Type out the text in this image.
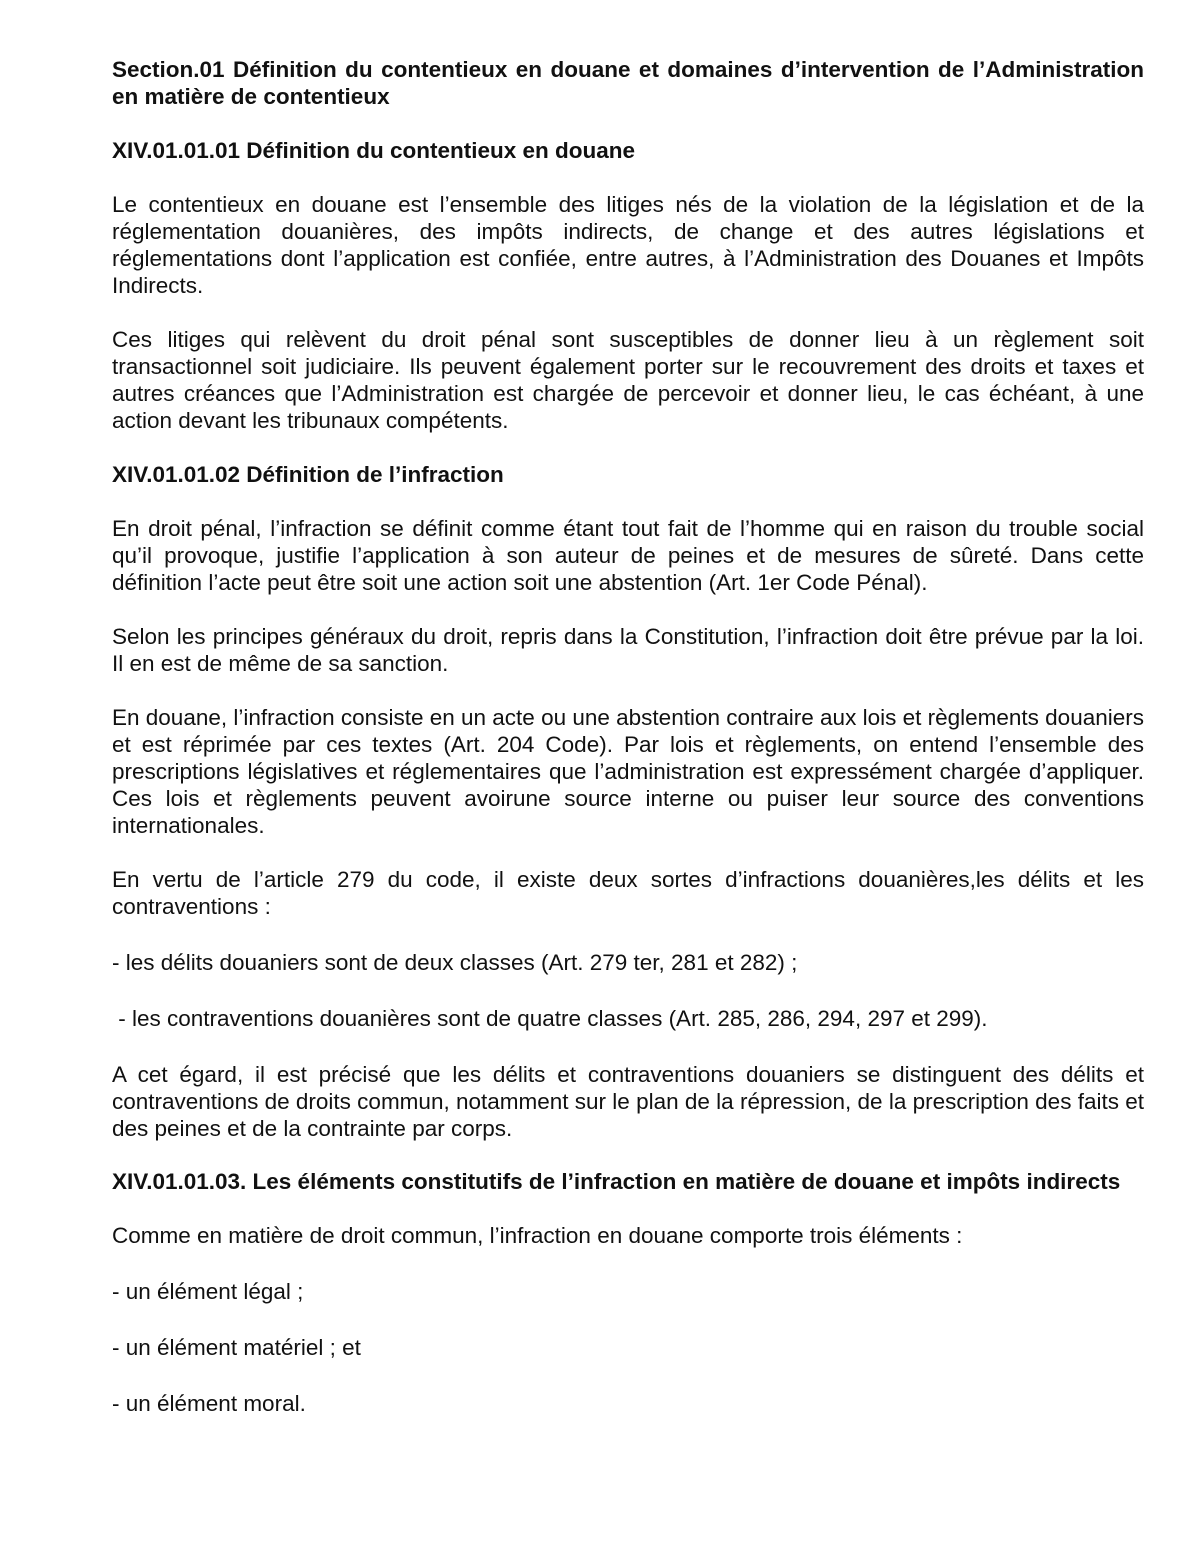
Section.01 Définition du contentieux en douane et domaines d’intervention de l’Administration en matière de contentieux

XIV.01.01.01 Définition du contentieux en douane

Le contentieux en douane est l’ensemble des litiges nés de la violation de la législation et de la réglementation douanières, des impôts indirects, de change et des autres législations et réglementations dont l’application est confiée, entre autres, à l’Administration des Douanes et Impôts Indirects.

Ces litiges qui relèvent du droit pénal sont susceptibles de donner lieu à un règlement soit transactionnel soit judiciaire. Ils peuvent également porter sur le recouvrement des droits et taxes et autres créances que l’Administration est chargée de percevoir et donner lieu, le cas échéant, à une action devant les tribunaux compétents.

XIV.01.01.02 Définition de l’infraction

En droit pénal, l’infraction se définit comme étant tout fait de l’homme qui en raison du trouble social qu’il provoque, justifie l’application à son auteur de peines et de mesures de sûreté. Dans cette définition l’acte peut être soit une action soit une abstention (Art. 1er Code Pénal).

Selon les principes généraux du droit, repris dans la Constitution, l’infraction doit être prévue par la loi. Il en est de même de sa sanction.

En douane, l’infraction consiste en un acte ou une abstention contraire aux lois et règlements douaniers et est réprimée par ces textes (Art. 204 Code). Par lois et règlements, on entend l’ensemble des prescriptions législatives et réglementaires que l’administration est expressément chargée d’appliquer. Ces lois et règlements peuvent avoirune source interne ou puiser leur source des conventions internationales.

En vertu de l’article 279 du code, il existe deux sortes d’infractions douanières,les délits et les contraventions :

- les délits douaniers sont de deux classes (Art. 279 ter, 281 et 282) ;

- les contraventions douanières sont de quatre classes (Art. 285, 286, 294, 297 et 299).

A cet égard, il est précisé que les délits et contraventions douaniers se distinguent des délits et contraventions de droits commun, notamment sur le plan de la répression, de la prescription des faits et des peines et de la contrainte par corps.

XIV.01.01.03. Les éléments constitutifs de l’infraction en matière de douane et impôts indirects

Comme en matière de droit commun, l’infraction en douane comporte trois éléments :

- un élément légal ;

- un élément matériel ; et

- un élément moral.
